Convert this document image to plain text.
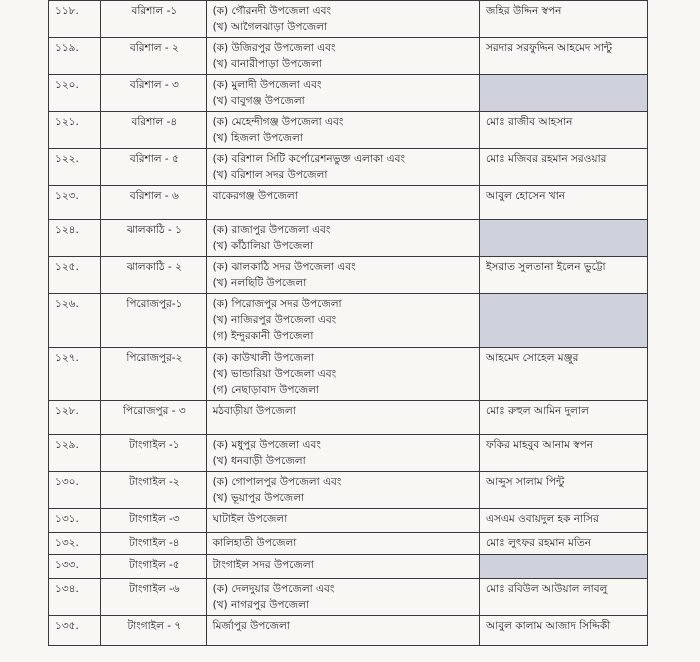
১১৮.	বরিশাল -১	(ক) গৌরনদী উপজেলা এবং
(খ) আগৈলঝাড়া উপজেলা	জহির উদ্দিন স্বপন
১১৯.	বরিশাল - ২	(ক) উজিরপুর উপজেলা এবং
(খ) বানারীপাড়া উপজেলা	সরদার সরফুদ্দিন আহমেদ সান্টু
১২০.	বরিশাল - ৩	(ক) মুলাদী উপজেলা এবং
(খ) বাবুগঞ্জ উপজেলা	

১২১.	বরিশাল -৪	(ক) মেহেন্দীগঞ্জ উপজেলা এবং
(খ) হিজলা উপজেলা	মোঃ রাজীব আহসান
১২২.	বরিশাল - ৫	(ক) বরিশাল সিটি কর্পোরেশনভুক্ত এলাকা এবং
(খ) বরিশাল সদর উপজেলা	মোঃ মজিবর রহমান সরওয়ার
১২৩.	বরিশাল - ৬	বাকেরগঞ্জ উপজেলা	আবুল হোসেন খান
১২৪.	ঝালকাঠি - ১	(ক) রাজাপুর উপজেলা এবং
(খ) কাঁঠালিয়া উপজেলা	

১২৫.	ঝালকাঠি - ২	(ক) ঝালকাঠি সদর উপজেলা এবং
(খ) নলছিটি উপজেলা	ইসরাত সুলতানা ইলেন ভুট্টো
১২৬.	পিরোজপুর-১	(ক) পিরোজপুর সদর উপজেলা
(খ) নাজিরপুর উপজেলা এবং
(গ) ইন্দুরকানী উপজেলা	

১২৭.	পিরোজপুর-২	(ক) কাউখালী উপজেলা
(খ) ভান্ডারিয়া উপজেলা এবং
(গ) নেছাড়াবাদ উপজেলা	আহমেদ সোহেল মঞ্জুর
১২৮.	পিরোজপুর - ৩	মঠবাড়ীয়া উপজেলা	মোঃ রুহুল আমিন দুলাল
১২৯.	টাংগাইল -১	(ক) মধুপুর উপজেলা এবং
(খ) ধনবাড়ী উপজেলা	ফকির মাহবুব আনাম স্বপন
১৩০.	টাংগাইল -২	(ক) গোপালপুর উপজেলা এবং
(খ) ভূয়াপুর উপজেলা	আব্দুস সালাম পিন্টু
১৩১.	টাংগাইল -৩	ঘাটাইল উপজেলা	এসএম ওবায়দুল হক নাসির
১৩২.	টাংগাইল -৪	কালিহাতী উপজেলা	মোঃ লুৎফর রহমান মতিন
১৩৩.	টাংগাইল -৫	টাংগাইল সদর উপজেলা	

১৩৪.	টাংগাইল -৬	(ক) দেলদুয়ার উপজেলা এবং
(খ) নাগরপুর উপজেলা	মোঃ রবিউল আউয়াল লাবলু
১৩৫.	টাংগাইল - ৭	মির্জাপুর উপজেলা	আবুল কালাম আজাদ সিদ্দিকী
